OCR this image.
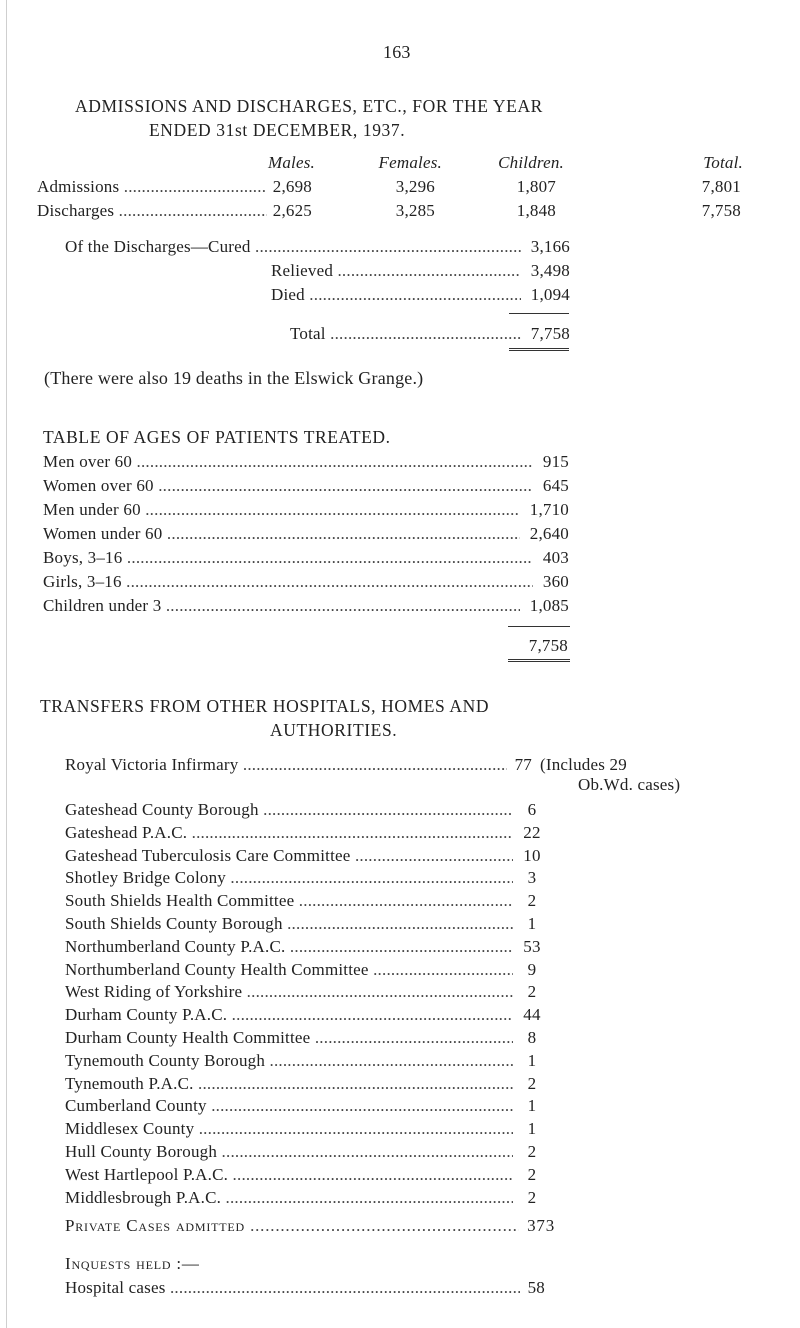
163
ADMISSIONS AND DISCHARGES, ETC., FOR THE YEAR
ENDED 31st DECEMBER, 1937.
Males.	Females.	Children.	Total.
Admissions .....	2,698	3,296	1,807	7,801
Discharges .....	2,625	3,285	1,848	7,758
Of the Discharges—Cured .....	3,166
Relieved .....	3,498
Died .....	1,094
Total .....	7,758
(There were also 19 deaths in the Elswick Grange.)
TABLE OF AGES OF PATIENTS TREATED.
Men over 60 .....	915
Women over 60 .....	645
Men under 60 .....	1,710
Women under 60 .....	2,640
Boys, 3–16 .....	403
Girls, 3–16 .....	360
Children under 3 .....	1,085
7,758
TRANSFERS FROM OTHER HOSPITALS, HOMES AND
AUTHORITIES.
Royal Victoria Infirmary .....	77 (Includes 29
Ob.Wd. cases)
Gateshead County Borough .....	6
Gateshead P.A.C. .....	22
Gateshead Tuberculosis Care Committee .....	10
Shotley Bridge Colony .....	3
South Shields Health Committee .....	2
South Shields County Borough .....	1
Northumberland County P.A.C. .....	53
Northumberland County Health Committee .....	9
West Riding of Yorkshire .....	2
Durham County P.A.C. .....	44
Durham County Health Committee .....	8
Tynemouth County Borough .....	1
Tynemouth P.A.C. .....	2
Cumberland County .....	1
Middlesex County .....	1
Hull County Borough .....	2
West Hartlepool P.A.C. .....	2
Middlesbrough P.A.C. .....	2
Private Cases admitted .....	373
Inquests held :—
Hospital cases .....	58
